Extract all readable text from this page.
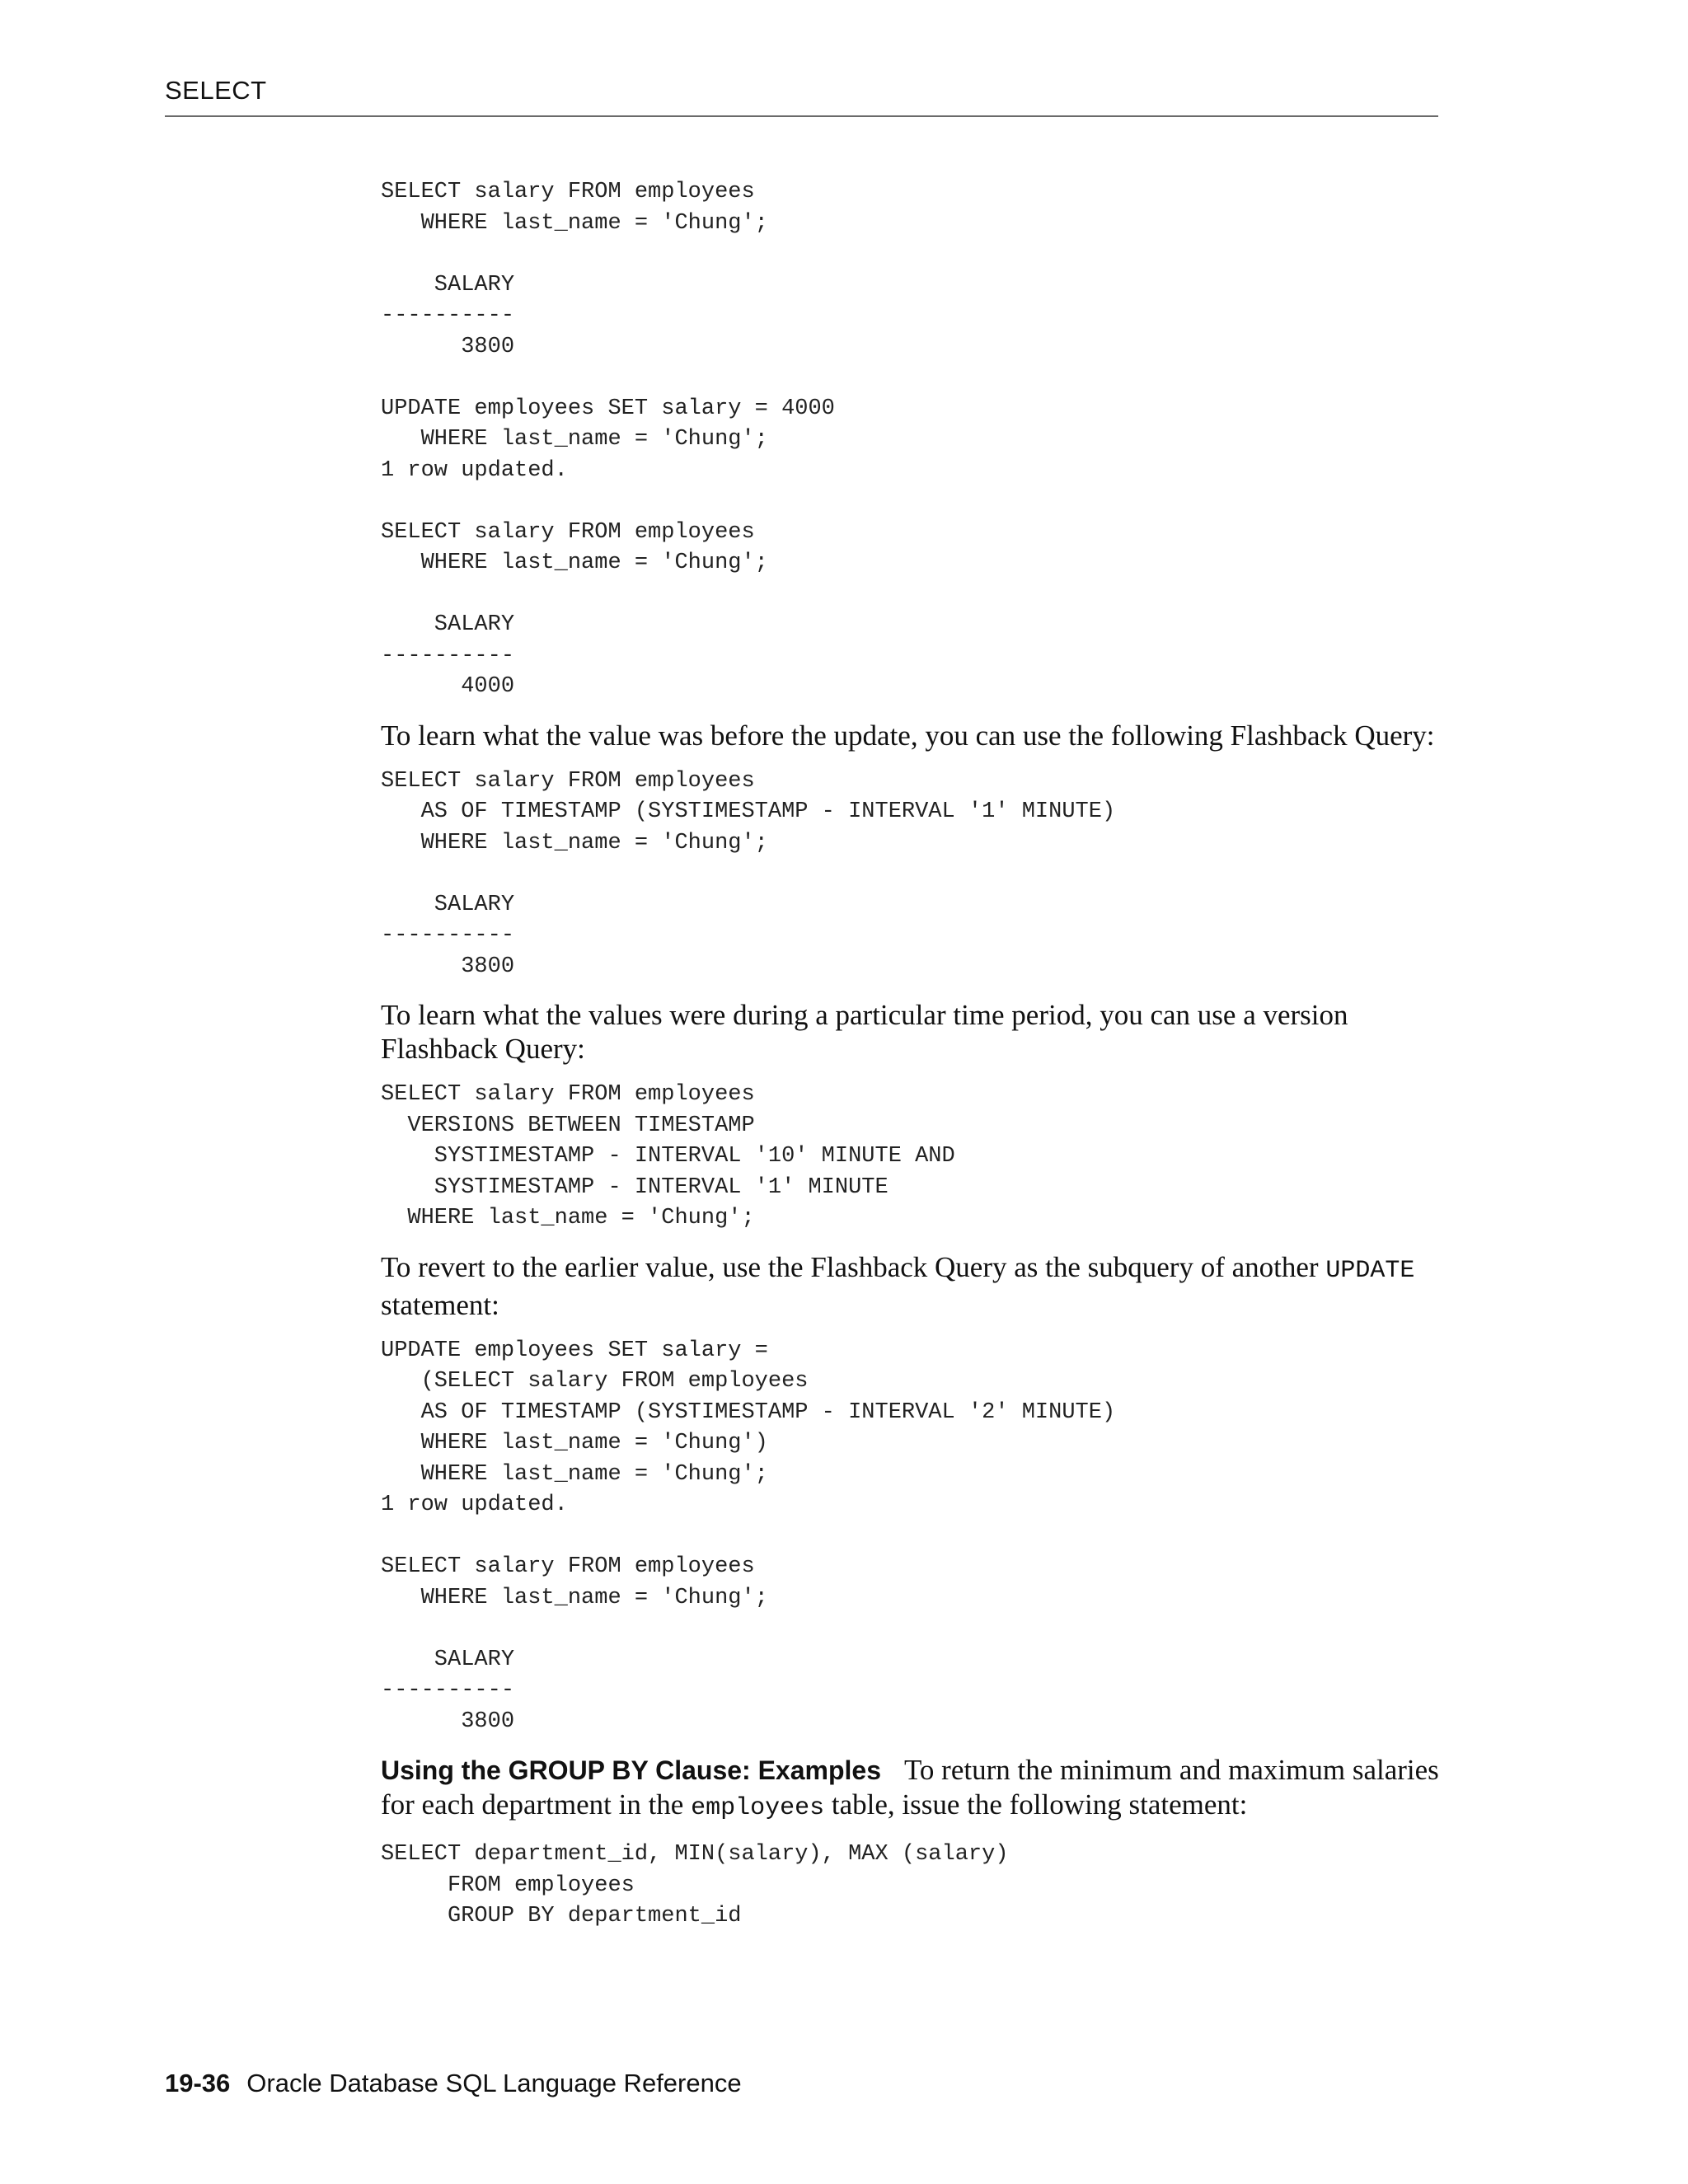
SELECT
SELECT salary FROM employees
WHERE last_name = 'Chung';

SALARY
----------
3800

UPDATE employees SET salary = 4000
WHERE last_name = 'Chung';
1 row updated.

SELECT salary FROM employees
WHERE last_name = 'Chung';

SALARY
----------
4000

To learn what the value was before the update, you can use the following Flashback Query:

SELECT salary FROM employees
AS OF TIMESTAMP (SYSTIMESTAMP - INTERVAL '1' MINUTE)
WHERE last_name = 'Chung';

SALARY
----------
3800

To learn what the values were during a particular time period, you can use a version Flashback Query:

SELECT salary FROM employees
VERSIONS BETWEEN TIMESTAMP
SYSTIMESTAMP - INTERVAL '10' MINUTE AND
SYSTIMESTAMP - INTERVAL '1' MINUTE
WHERE last_name = 'Chung';

To revert to the earlier value, use the Flashback Query as the subquery of another UPDATE statement:

UPDATE employees SET salary =
(SELECT salary FROM employees
AS OF TIMESTAMP (SYSTIMESTAMP - INTERVAL '2' MINUTE)
WHERE last_name = 'Chung')
WHERE last_name = 'Chung';
1 row updated.

SELECT salary FROM employees
WHERE last_name = 'Chung';

SALARY
----------
3800

Using the GROUP BY Clause: Examples To return the minimum and maximum salaries for each department in the employees table, issue the following statement:

SELECT department_id, MIN(salary), MAX (salary)
FROM employees
GROUP BY department_id
19-36 Oracle Database SQL Language Reference
